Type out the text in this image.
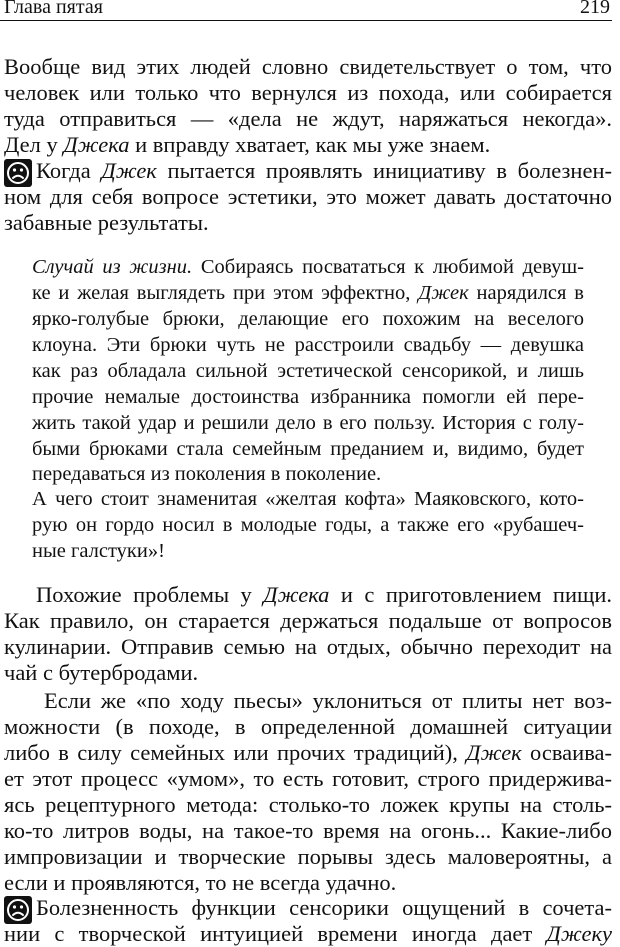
Глава пятая	219
Вообще вид этих людей словно свидетельствует о том, что
человек или только что вернулся из похода, или собирается
туда отправиться — «дела не ждут, наряжаться некогда».
Дел у Джека и вправду хватает, как мы уже знаем.
Когда Джек пытается проявлять инициативу в болезнен-
ном для себя вопросе эстетики, это может давать достаточно
забавные результаты.
Случай из жизни. Собираясь посвататься к любимой девуш-
ке и желая выглядеть при этом эффектно, Джек нарядился в
ярко-голубые брюки, делающие его похожим на веселого
клоуна. Эти брюки чуть не расстроили свадьбу — девушка
как раз обладала сильной эстетической сенсорикой, и лишь
прочие немалые достоинства избранника помогли ей пере-
жить такой удар и решили дело в его пользу. История с голу-
быми брюками стала семейным преданием и, видимо, будет
передаваться из поколения в поколение.
А чего стоит знаменитая «желтая кофта» Маяковского, кото-
рую он гордо носил в молодые годы, а также его «рубашеч-
ные галстуки»!
Похожие проблемы у Джека и с приготовлением пищи.
Как правило, он старается держаться подальше от вопросов
кулинарии. Отправив семью на отдых, обычно переходит на
чай с бутербродами.
Если же «по ходу пьесы» уклониться от плиты нет воз-
можности (в походе, в определенной домашней ситуации
либо в силу семейных или прочих традиций), Джек осваива-
ет этот процесс «умом», то есть готовит, строго придержива-
ясь рецептурного метода: столько-то ложек крупы на столь-
ко-то литров воды, на такое-то время на огонь... Какие-либо
импровизации и творческие порывы здесь маловероятны, а
если и проявляются, то не всегда удачно.
Болезненность функции сенсорики ощущений в сочета-
нии с творческой интуицией времени иногда дает Джеку
